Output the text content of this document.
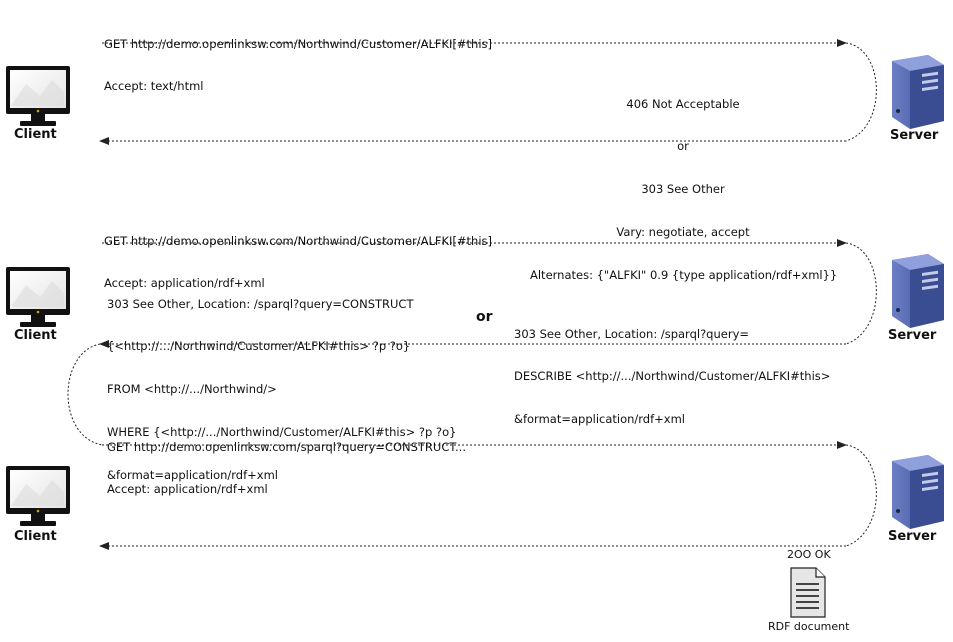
Client
Client
Client
Server
Server
Server

GET http://demo.openlinksw.com/Northwind/Customer/ALFKI[#this]

Accept: text/html

406 Not Acceptable

or

303 See Other

Vary: negotiate, accept

Alternates: {"ALFKI" 0.9 {type application/rdf+xml}}

GET http://demo.openlinksw.com/Northwind/Customer/ALFKI[#this]

Accept: application/rdf+xml

303 See Other, Location: /sparql?query=CONSTRUCT

{<http://.../Northwind/Customer/ALFKI#this> ?p ?o}

FROM <http://.../Northwind/>

WHERE {<http://.../Northwind/Customer/ALFKI#this> ?p ?o}

&format=application/rdf+xml

or

303 See Other, Location: /sparql?query=

DESCRIBE <http://.../Northwind/Customer/ALFKI#this>

&format=application/rdf+xml

GET http://demo.openlinksw.com/sparql?query=CONSTRUCT...

Accept: application/rdf+xml

2OO OK
RDF document
